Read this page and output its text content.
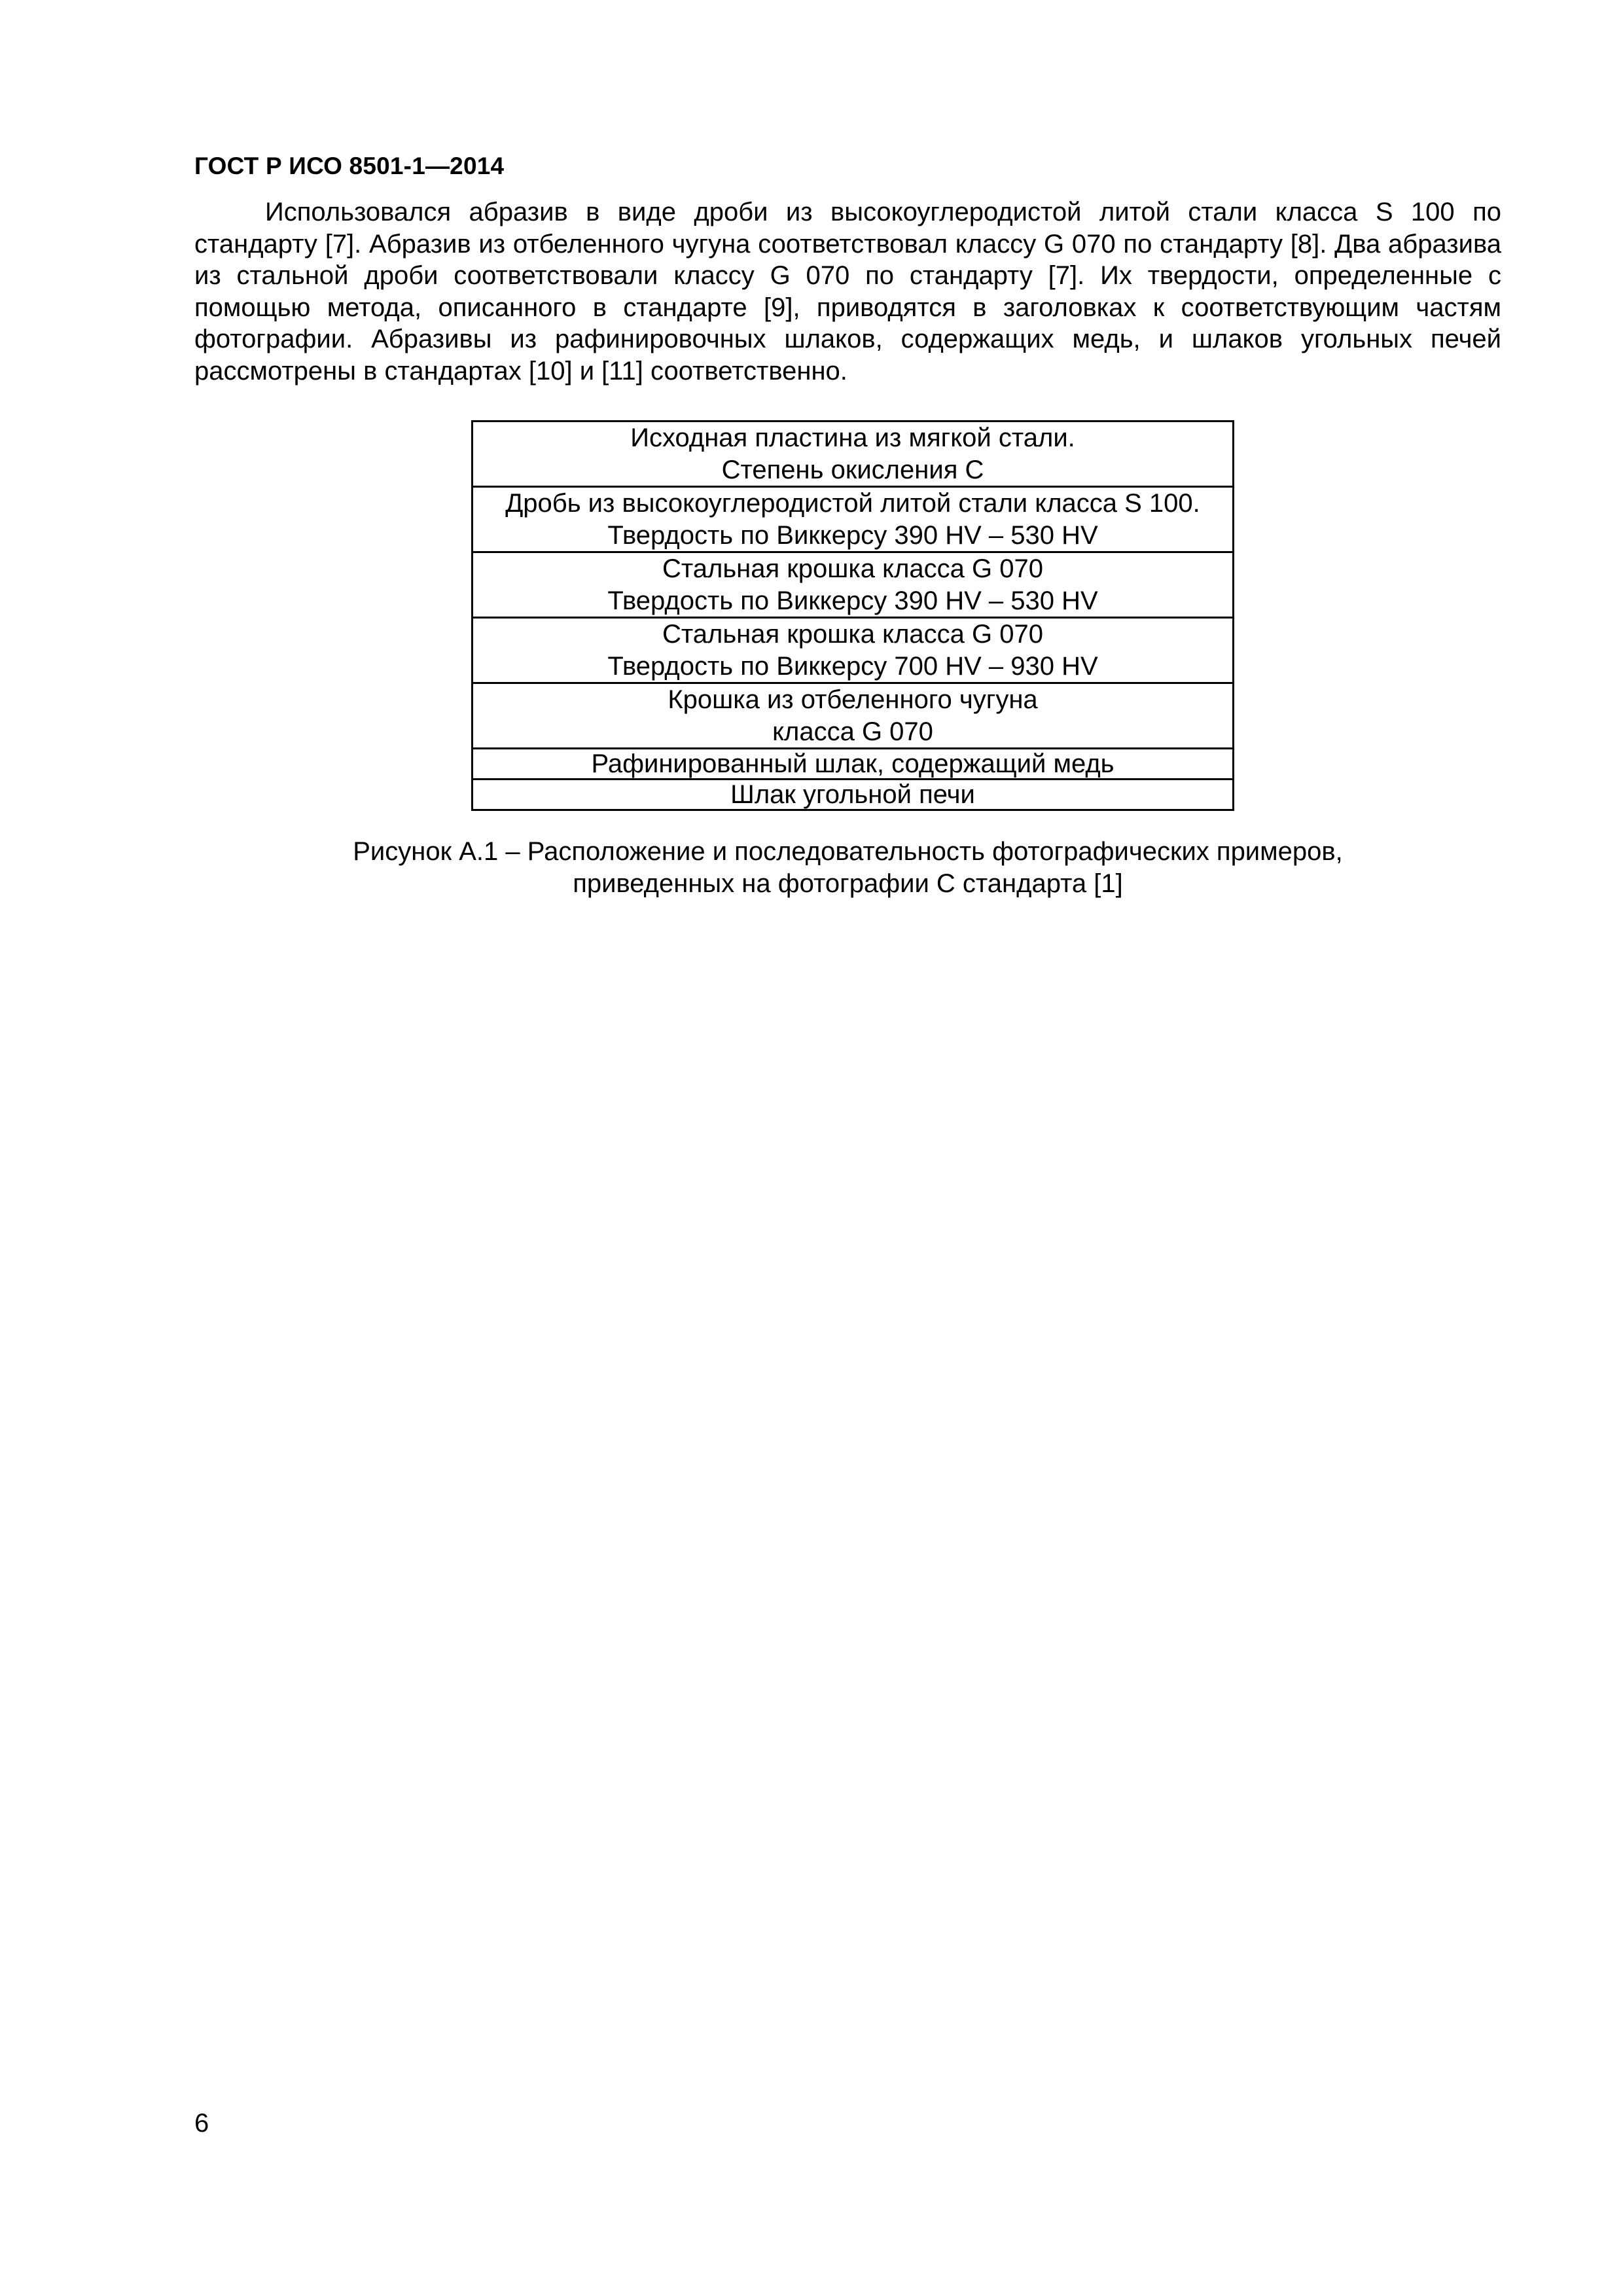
ГОСТ Р ИСО 8501-1—2014

Использовался абразив в виде дроби из высокоуглеродистой литой стали класса S 100 по стандарту [7]. Абразив из отбеленного чугуна соответствовал классу G 070 по стандарту [8]. Два абразива из стальной дроби соответствовали классу G 070 по стандарту [7]. Их твердости, определенные с помощью метода, описанного в стандарте [9], приводятся в заголовках к соответствующим частям фотографии. Абразивы из рафинировочных шлаков, содержащих медь, и шлаков угольных печей рассмотрены в стандартах [10] и [11] соответственно.

Исходная пластина из мягкой стали.
Степень окисления С

Дробь из высокоуглеродистой литой стали класса S 100.
Твердость по Виккерсу 390 HV – 530 HV

Стальная крошка класса G 070
Твердость по Виккерсу 390 HV – 530 HV

Стальная крошка класса G 070
Твердость по Виккерсу 700 HV – 930 HV

Крошка из отбеленного чугуна
класса G 070

Рафинированный шлак, содержащий медь

Шлак угольной печи
Рисунок А.1 – Расположение и последовательность фотографических примеров,
приведенных на фотографии С стандарта [1]
6
